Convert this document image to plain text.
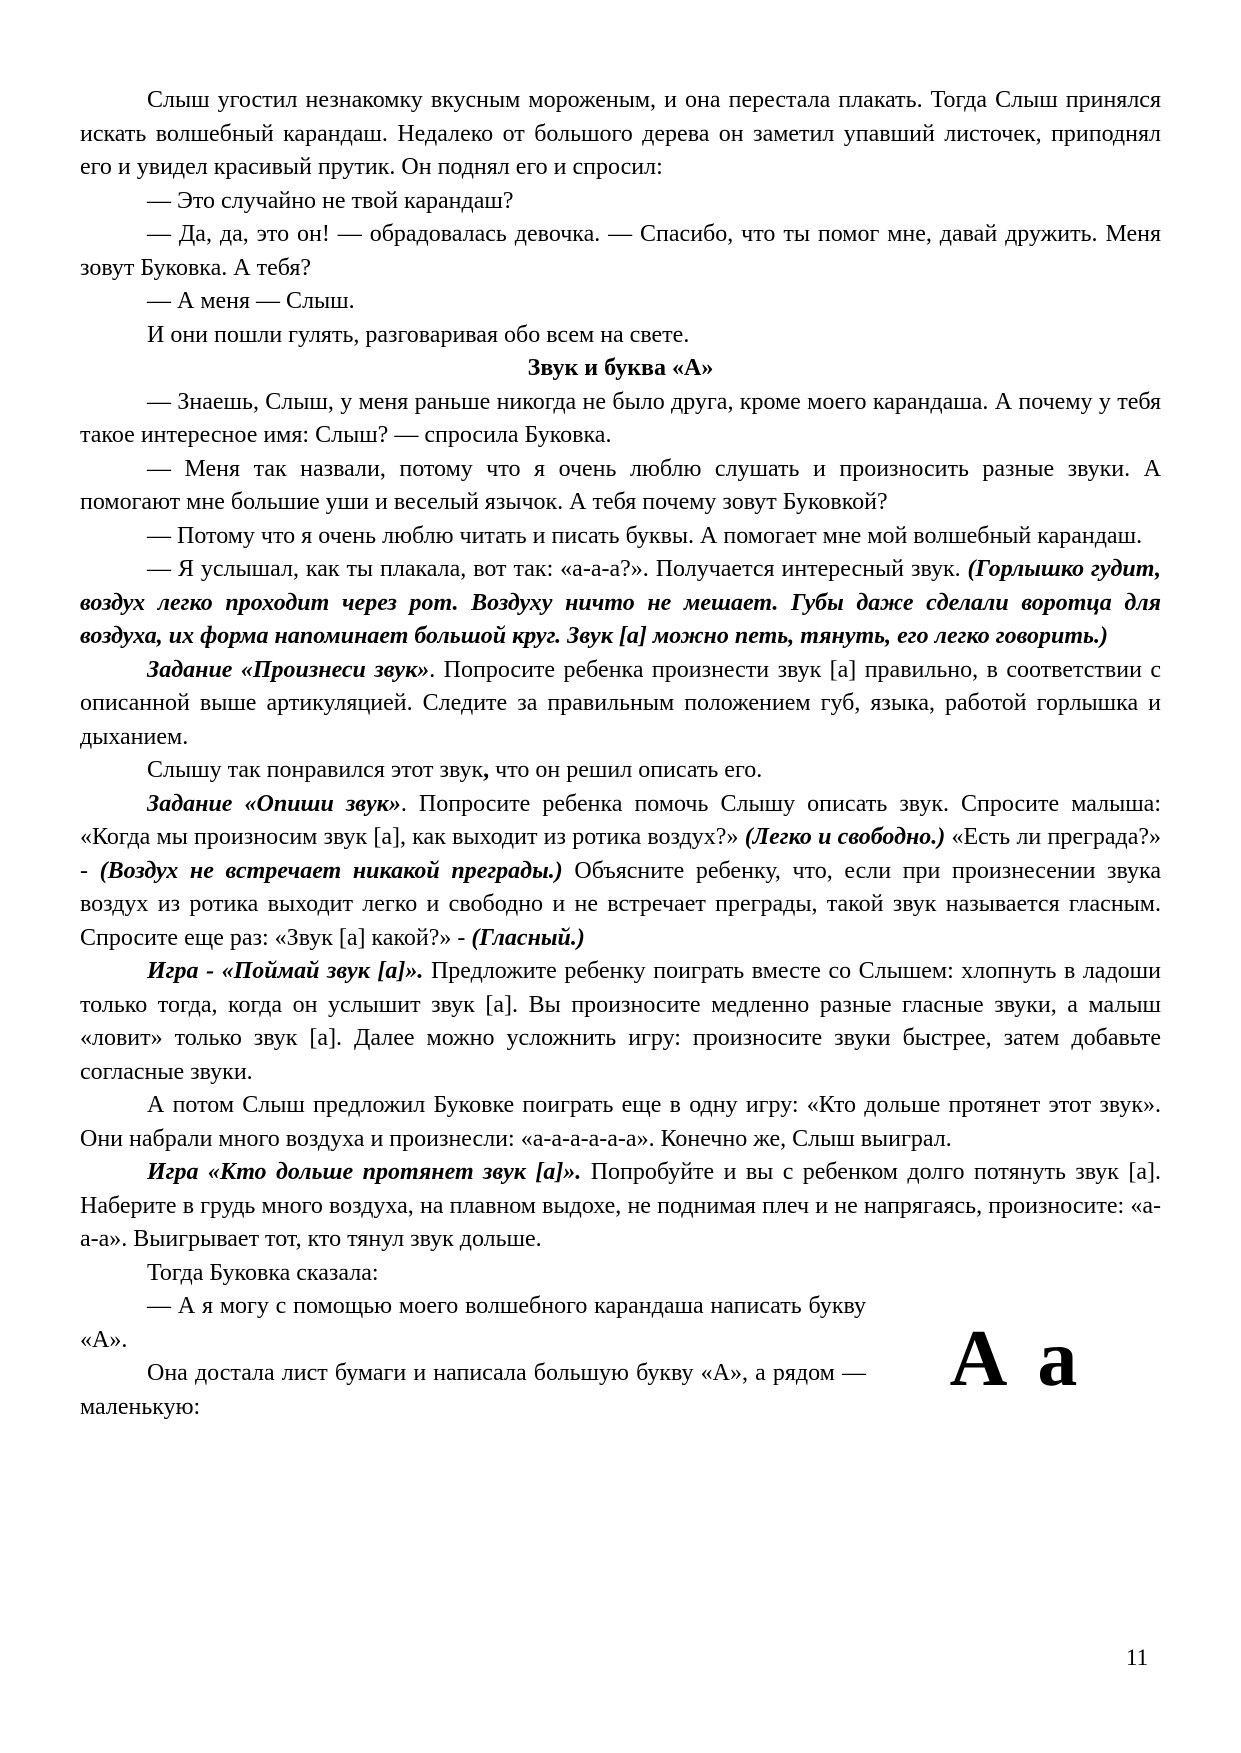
Слыш угостил незнакомку вкусным мороженым, и она перестала плакать. Тогда Слыш принялся искать волшебный карандаш. Недалеко от большого дерева он заметил упавший листочек, приподнял его и увидел красивый прутик. Он поднял его и спросил:

— Это случайно не твой карандаш?

— Да, да, это он! — обрадовалась девочка. — Спасибо, что ты помог мне, давай дружить. Меня зовут Буковка. А тебя?

— А меня — Слыш.

И они пошли гулять, разговаривая обо всем на свете.

Звук и буква «А»

— Знаешь, Слыш, у меня раньше никогда не было друга, кроме моего карандаша. А почему у тебя такое интересное имя: Слыш? — спросила Буковка.

— Меня так назвали, потому что я очень люблю слушать и произносить разные звуки. А помогают мне большие уши и веселый язычок. А тебя почему зовут Буковкой?

— Потому что я очень люблю читать и писать буквы. А помогает мне мой волшебный карандаш.

— Я услышал, как ты плакала, вот так: «а-а-а?». Получается интересный звук. (Горлышко гудит, воздух легко проходит через рот. Воздуху ничто не мешает. Губы даже сделали воротца для воздуха, их форма напоминает большой круг. Звук [а] можно петь, тянуть, его легко говорить.)

Задание «Произнеси звук». Попросите ребенка произнести звук [а] правильно, в соответствии с описанной выше артикуляцией. Следите за правильным положением губ, языка, работой горлышка и дыханием.

Слышу так понравился этот звук, что он решил описать его.

Задание «Опиши звук». Попросите ребенка помочь Слышу описать звук. Спросите малыша: «Когда мы произносим звук [а], как выходит из ротика воздух?» (Легко и свободно.) «Есть ли преграда?» - (Воздух не встречает никакой преграды.) Объясните ребенку, что, если при произнесении звука воздух из ротика выходит легко и свободно и не встречает преграды, такой звук называется гласным. Спросите еще раз: «Звук [а] какой?» - (Гласный.)

Игра - «Поймай звук [а]». Предложите ребенку поиграть вместе со Слышем: хлопнуть в ладоши только тогда, когда он услышит звук [а]. Вы произносите медленно разные гласные звуки, а малыш «ловит» только звук [а]. Далее можно усложнить игру: произносите звуки быстрее, затем добавьте согласные звуки.

А потом Слыш предложил Буковке поиграть еще в одну игру: «Кто дольше протянет этот звук». Они набрали много воздуха и произнесли: «а-а-а-а-а-а». Конечно же, Слыш выиграл.

Игра «Кто дольше протянет звук [а]». Попробуйте и вы с ребенком долго потянуть звук [а]. Наберите в грудь много воздуха, на плавном выдохе, не поднимая плеч и не напрягаясь, произносите: «а-а-а». Выигрывает тот, кто тянул звук дольше.

Тогда Буковка сказала:

А а

— А я могу с помощью моего волшебного карандаша написать букву «А».

Она достала лист бумаги и написала большую букву «А», а рядом — маленькую:

11
